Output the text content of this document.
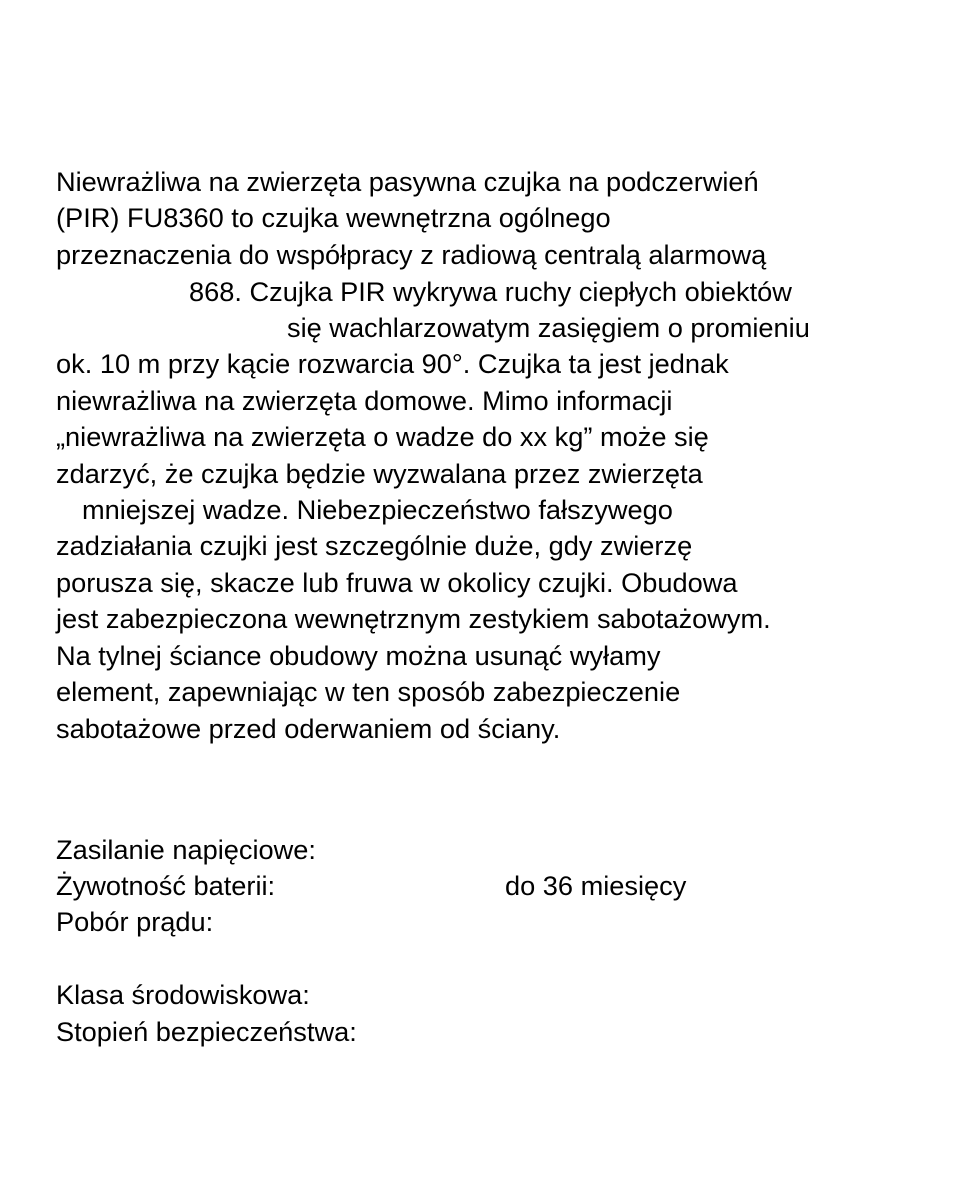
Niewrażliwa na zwierzęta pasywna czujka na podczerwień
(PIR) FU8360 to czujka wewnętrzna ogólnego
przeznaczenia do współpracy z radiową centralą alarmową
868. Czujka PIR wykrywa ruchy ciepłych obiektów
się wachlarzowatym zasięgiem o promieniu
ok. 10 m przy kącie rozwarcia 90°. Czujka ta jest jednak
niewrażliwa na zwierzęta domowe. Mimo informacji
„niewrażliwa na zwierzęta o wadze do xx kg” może się
zdarzyć, że czujka będzie wyzwalana przez zwierzęta
mniejszej wadze. Niebezpieczeństwo fałszywego
zadziałania czujki jest szczególnie duże, gdy zwierzę
porusza się, skacze lub fruwa w okolicy czujki. Obudowa
jest zabezpieczona wewnętrznym zestykiem sabotażowym.
Na tylnej ściance obudowy można usunąć wyłamy
element, zapewniając w ten sposób zabezpieczenie
sabotażowe przed oderwaniem od ściany.
Zasilanie napięciowe:
Żywotność baterii:	do 36 miesięcy
Pobór prądu:
Klasa środowiskowa:
Stopień bezpieczeństwa:
